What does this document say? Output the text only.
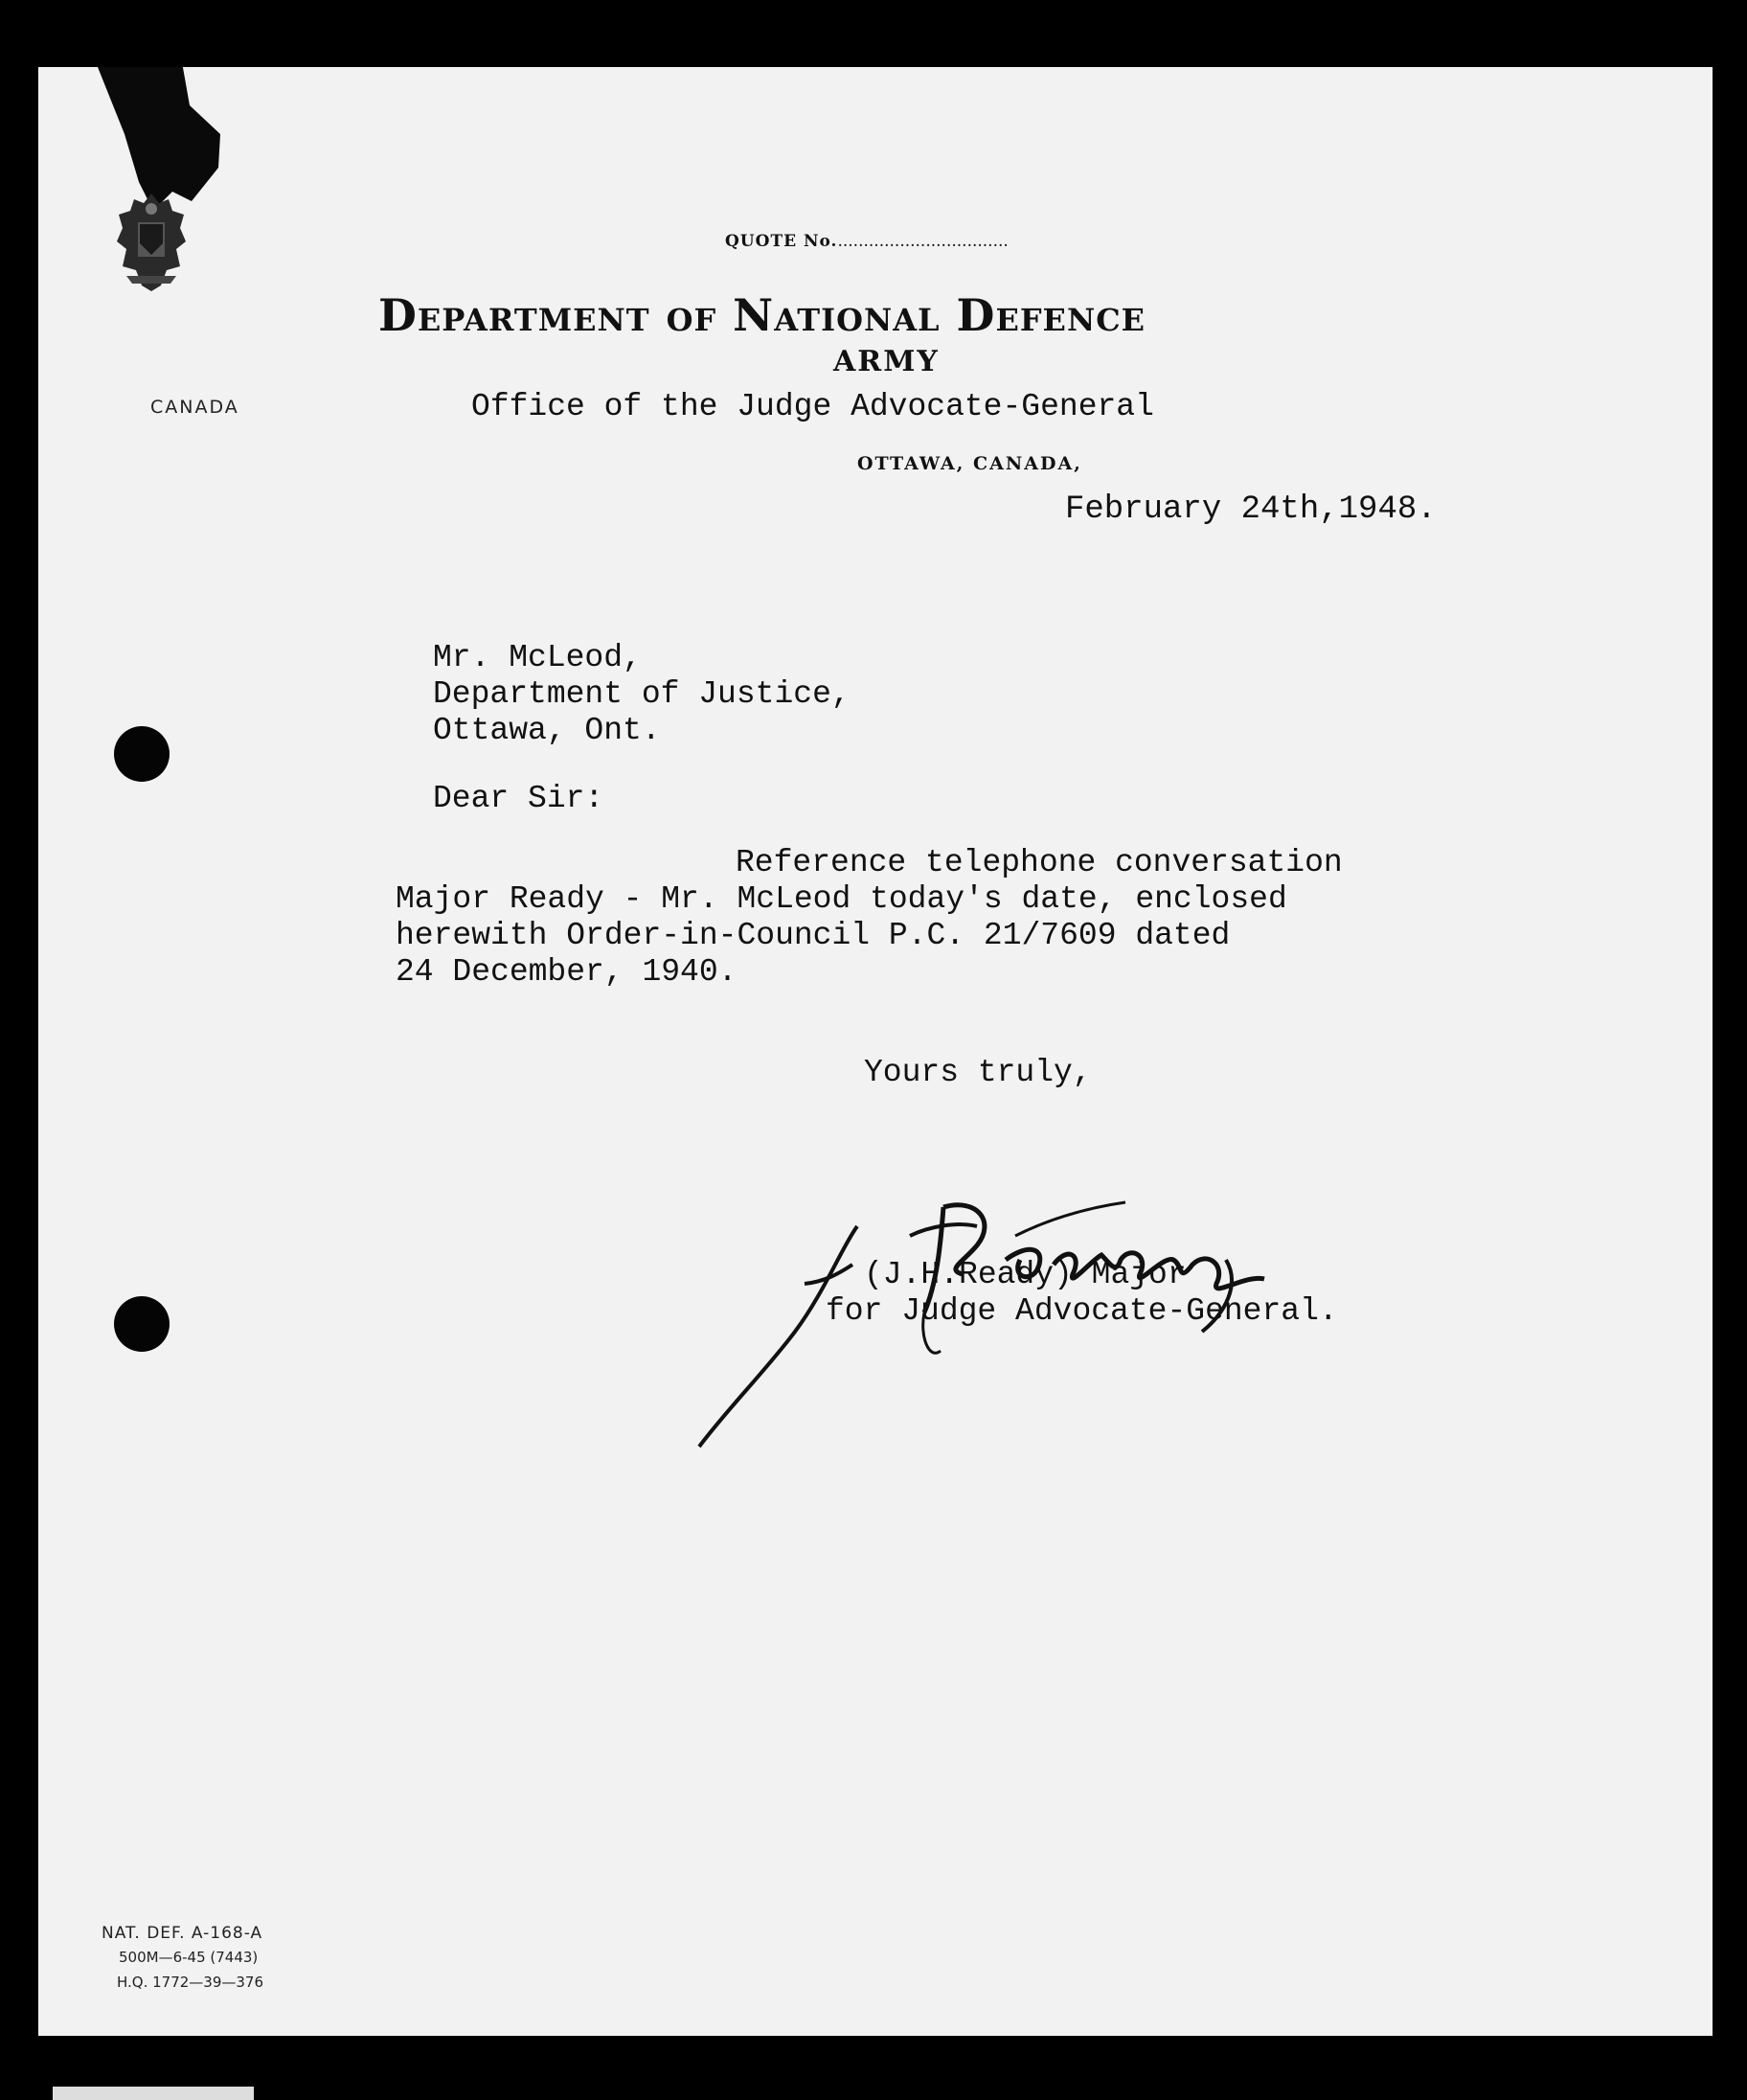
CANADA
QUOTE No..................................
Department of National Defence
ARMY
Office of the Judge Advocate-General
OTTAWA, CANADA,
February 24th,1948.
Mr. McLeod,
Department of Justice,
Ottawa, Ont.
Dear Sir:
Reference telephone conversation
Major Ready - Mr. McLeod today's date, enclosed
herewith Order-in-Council P.C. 21/7609 dated
24 December, 1940.
Yours truly,
(J.H.Ready) Major
for Judge Advocate-General.
NAT. DEF. A-168-A
500M—6-45 (7443)
H.Q. 1772—39—376
